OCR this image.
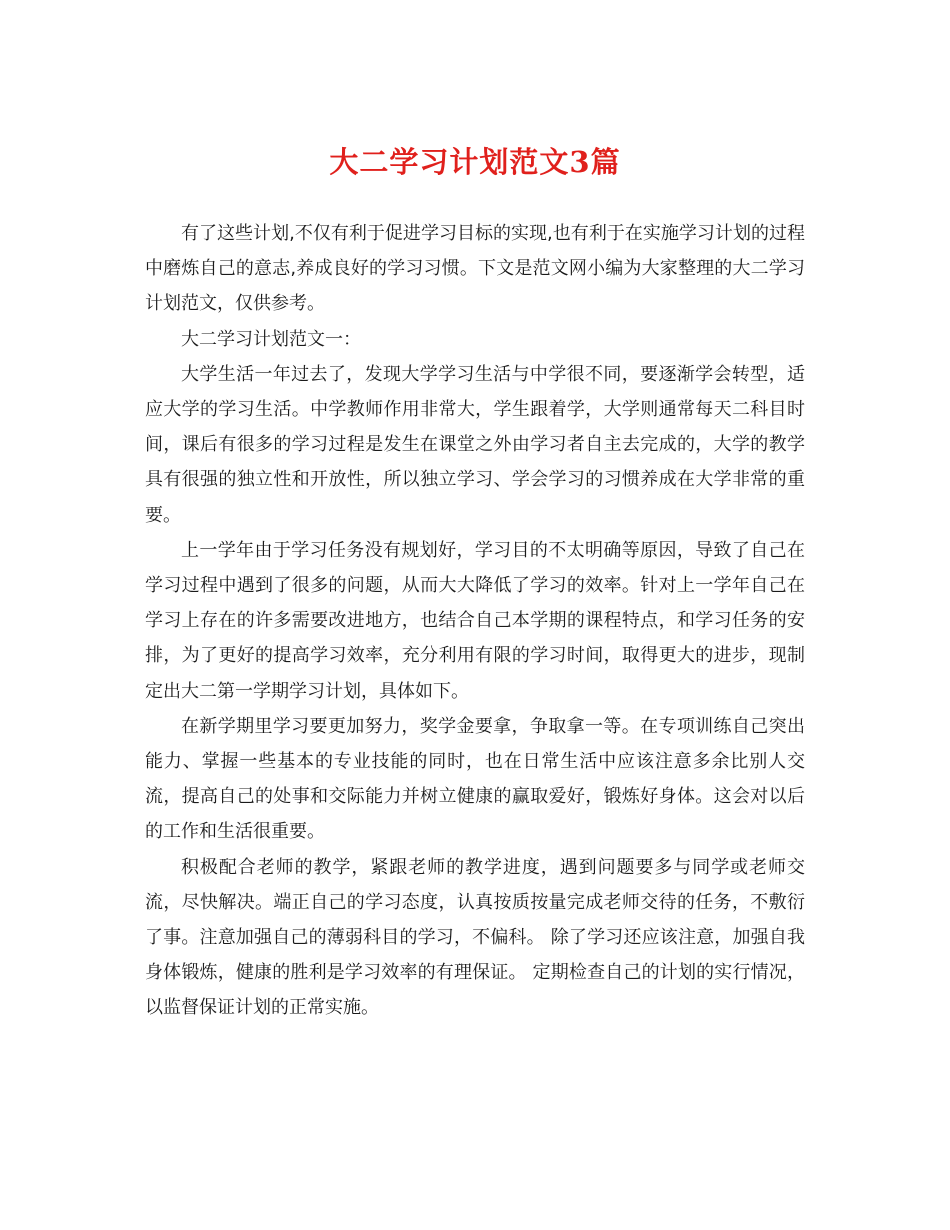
大二学习计划范文3篇

有了这些计划,不仅有利于促进学习目标的实现,也有利于在实施学习计划的过程中磨炼自己的意志,养成良好的学习习惯。下文是范文网小编为大家整理的大二学习计划范文，仅供参考。

大二学习计划范文一：

大学生活一年过去了，发现大学学习生活与中学很不同，要逐渐学会转型，适应大学的学习生活。中学教师作用非常大，学生跟着学，大学则通常每天二科目时间，课后有很多的学习过程是发生在课堂之外由学习者自主去完成的，大学的教学具有很强的独立性和开放性，所以独立学习、学会学习的习惯养成在大学非常的重要。

上一学年由于学习任务没有规划好，学习目的不太明确等原因，导致了自己在学习过程中遇到了很多的问题，从而大大降低了学习的效率。针对上一学年自己在学习上存在的许多需要改进地方，也结合自己本学期的课程特点，和学习任务的安排，为了更好的提高学习效率，充分利用有限的学习时间，取得更大的进步，现制定出大二第一学期学习计划，具体如下。

在新学期里学习要更加努力，奖学金要拿，争取拿一等。在专项训练自己突出能力、掌握一些基本的专业技能的同时，也在日常生活中应该注意多余比别人交流，提高自己的处事和交际能力并树立健康的赢取爱好，锻炼好身体。这会对以后的工作和生活很重要。

积极配合老师的教学，紧跟老师的教学进度，遇到问题要多与同学或老师交流，尽快解决。端正自己的学习态度，认真按质按量完成老师交待的任务，不敷衍了事。注意加强自己的薄弱科目的学习，不偏科。 除了学习还应该注意，加强自我身体锻炼，健康的胜利是学习效率的有理保证。 定期检查自己的计划的实行情况，以监督保证计划的正常实施。
